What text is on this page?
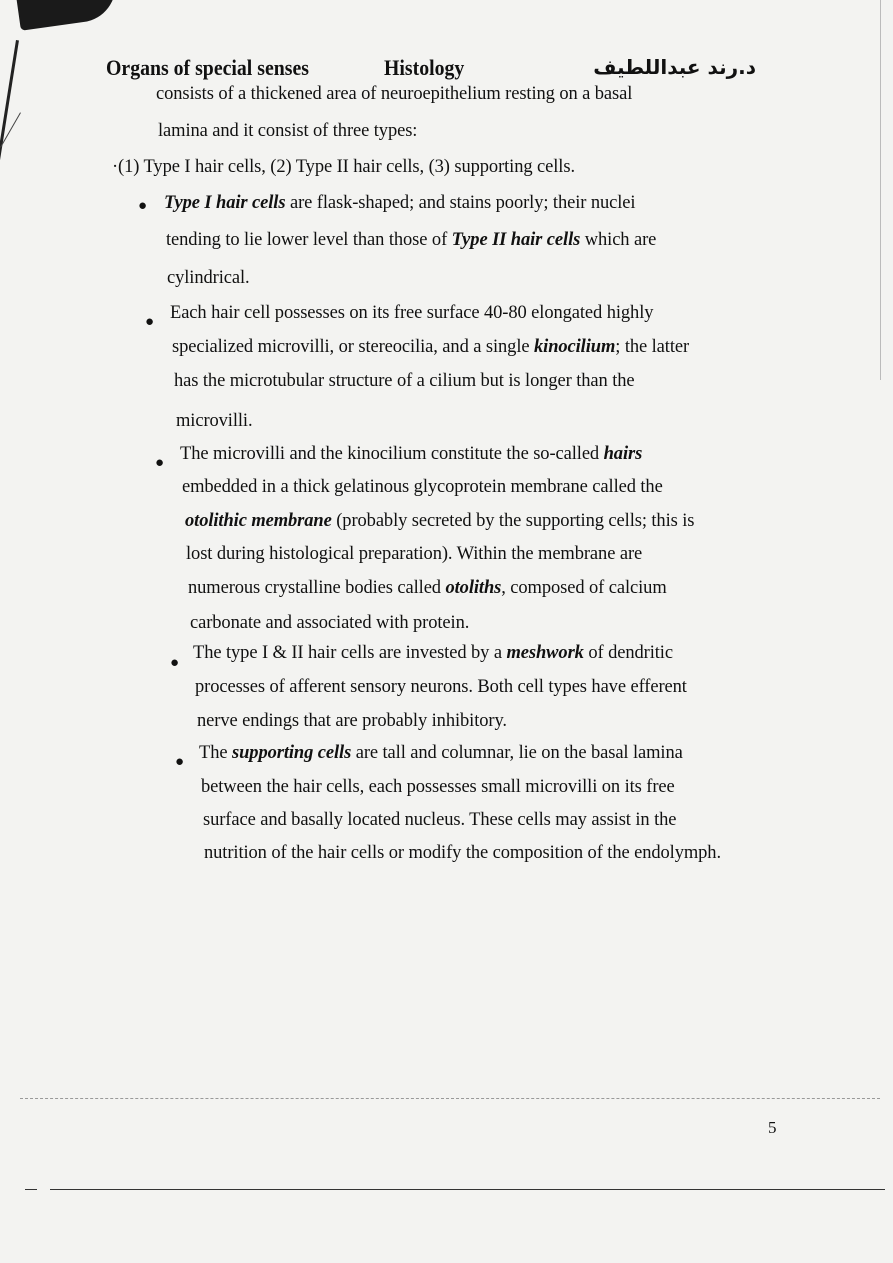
Organs of special senses	Histology	د.رند عبداللطيف
consists of a thickened area of neuroepithelium resting on a basal
lamina and it consist of three types:
·(1) Type I hair cells, (2) Type II hair cells, (3) supporting cells.
● Type I hair cells are flask-shaped; and stains poorly; their nuclei
tending to lie lower level than those of Type II hair cells which are
cylindrical.
● Each hair cell possesses on its free surface 40-80 elongated highly
specialized microvilli, or stereocilia, and a single kinocilium; the latter
has the microtubular structure of a cilium but is longer than the
microvilli.
● The microvilli and the kinocilium constitute the so-called hairs
embedded in a thick gelatinous glycoprotein membrane called the
otolithic membrane (probably secreted by the supporting cells; this is
lost during histological preparation). Within the membrane are
numerous crystalline bodies called otoliths, composed of calcium
carbonate and associated with protein.
● The type I & II hair cells are invested by a meshwork of dendritic
processes of afferent sensory neurons. Both cell types have efferent
nerve endings that are probably inhibitory.
● The supporting cells are tall and columnar, lie on the basal lamina
between the hair cells, each possesses small microvilli on its free
surface and basally located nucleus. These cells may assist in the
nutrition of the hair cells or modify the composition of the endolymph.
5
